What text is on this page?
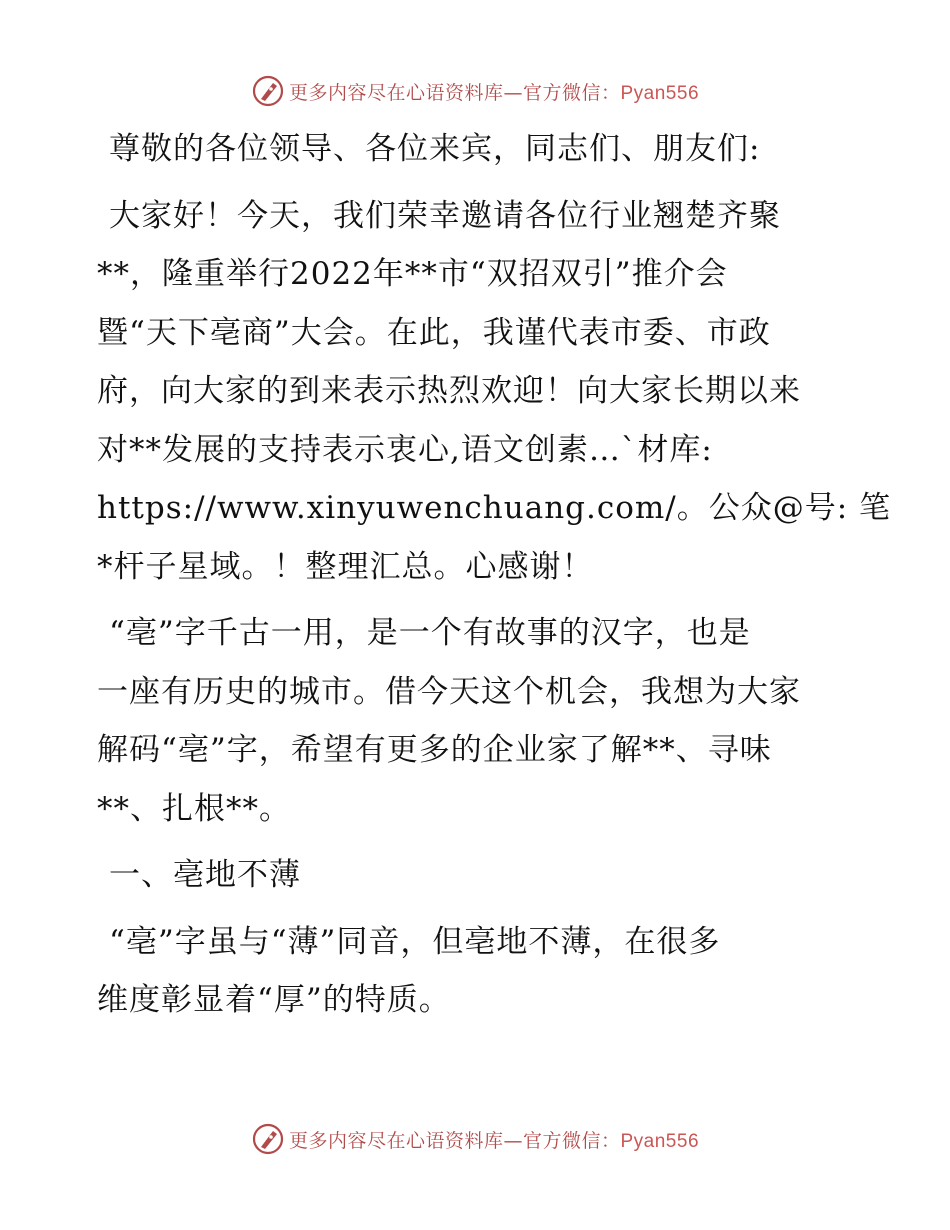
更多内容尽在心语资料库—官方微信：Pyan556

尊敬的各位领导、各位来宾，同志们、朋友们:

大家好！今天，我们荣幸邀请各位行业翘楚齐聚
**，隆重举行2022年**市“双招双引”推介会
暨“天下亳商”大会。在此，我谨代表市委、市政
府，向大家的到来表示热烈欢迎！向大家长期以来
对**发展的支持表示衷心,语文创素…`材库:
https://www.xinyuwenchuang.com/。公众@号: 笔
*杆子星域。！整理汇总。心感谢！

“亳”字千古一用，是一个有故事的汉字，也是
一座有历史的城市。借今天这个机会，我想为大家
解码“亳”字，希望有更多的企业家了解**、寻味
**、扎根**。

一、亳地不薄

“亳”字虽与“薄”同音，但亳地不薄，在很多
维度彰显着“厚”的特质。

更多内容尽在心语资料库—官方微信：Pyan556
